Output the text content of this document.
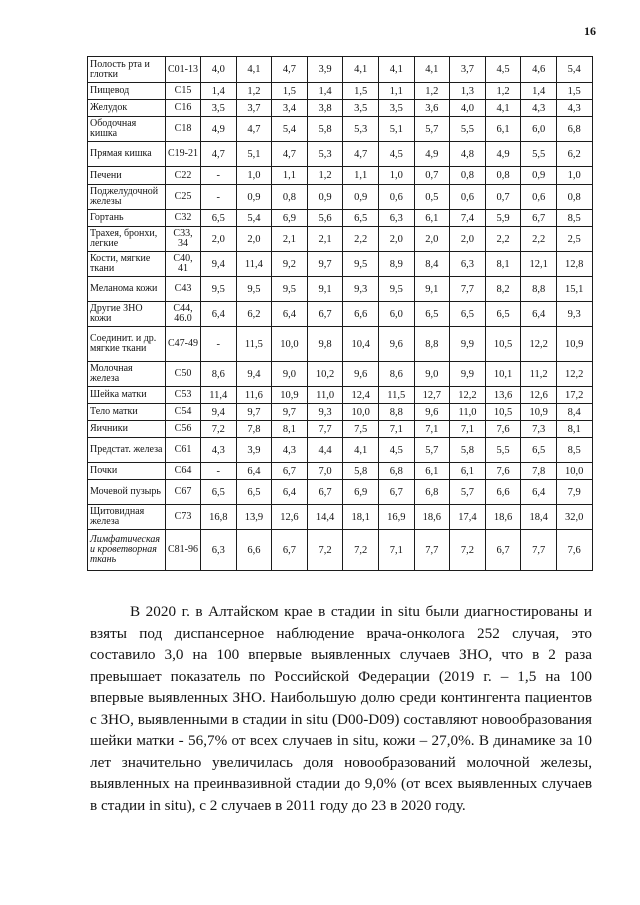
16
Полость рта и глотки	С01-13	4,0	4,1	4,7	3,9	4,1	4,1	4,1	3,7	4,5	4,6	5,4
Пищевод	С15	1,4	1,2	1,5	1,4	1,5	1,1	1,2	1,3	1,2	1,4	1,5
Желудок	С16	3,5	3,7	3,4	3,8	3,5	3,5	3,6	4,0	4,1	4,3	4,3
Ободочная кишка	С18	4,9	4,7	5,4	5,8	5,3	5,1	5,7	5,5	6,1	6,0	6,8
Прямая кишка	С19-21	4,7	5,1	4,7	5,3	4,7	4,5	4,9	4,8	4,9	5,5	6,2
Печени	С22	-	1,0	1,1	1,2	1,1	1,0	0,7	0,8	0,8	0,9	1,0
Поджелудочной железы	С25	-	0,9	0,8	0,9	0,9	0,6	0,5	0,6	0,7	0,6	0,8
Гортань	С32	6,5	5,4	6,9	5,6	6,5	6,3	6,1	7,4	5,9	6,7	8,5
Трахея, бронхи, легкие	С33, 34	2,0	2,0	2,1	2,1	2,2	2,0	2,0	2,0	2,2	2,2	2,5
Кости, мягкие ткани	С40, 41	9,4	11,4	9,2	9,7	9,5	8,9	8,4	6,3	8,1	12,1	12,8
Меланома кожи	С43	9,5	9,5	9,5	9,1	9,3	9,5	9,1	7,7	8,2	8,8	15,1
Другие ЗНО кожи	С44, 46.0	6,4	6,2	6,4	6,7	6,6	6,0	6,5	6,5	6,5	6,4	9,3
Соединит. и др. мягкие ткани	С47-49	-	11,5	10,0	9,8	10,4	9,6	8,8	9,9	10,5	12,2	10,9
Молочная железа	С50	8,6	9,4	9,0	10,2	9,6	8,6	9,0	9,9	10,1	11,2	12,2
Шейка матки	С53	11,4	11,6	10,9	11,0	12,4	11,5	12,7	12,2	13,6	12,6	17,2
Тело матки	С54	9,4	9,7	9,7	9,3	10,0	8,8	9,6	11,0	10,5	10,9	8,4
Яичники	С56	7,2	7,8	8,1	7,7	7,5	7,1	7,1	7,1	7,6	7,3	8,1
Предстат. железа	С61	4,3	3,9	4,3	4,4	4,1	4,5	5,7	5,8	5,5	6,5	8,5
Почки	С64	-	6,4	6,7	7,0	5,8	6,8	6,1	6,1	7,6	7,8	10,0
Мочевой пузырь	С67	6,5	6,5	6,4	6,7	6,9	6,7	6,8	5,7	6,6	6,4	7,9
Щитовидная железа	С73	16,8	13,9	12,6	14,4	18,1	16,9	18,6	17,4	18,6	18,4	32,0
Лимфатическая и кроветворная ткань	С81-96	6,3	6,6	6,7	7,2	7,2	7,1	7,7	7,2	6,7	7,7	7,6

В 2020 г. в Алтайском крае в стадии in situ были диагностированы и взяты под диспансерное наблюдение врача-онколога 252 случая, это составило 3,0 на 100 впервые выявленных случаев ЗНО, что в 2 раза превышает показатель по Российской Федерации (2019 г. – 1,5 на 100 впервые выявленных ЗНО. Наибольшую долю среди контингента пациентов с ЗНО, выявленными в стадии in situ (D00-D09) составляют новообразования шейки матки - 56,7% от всех случаев in situ, кожи – 27,0%. В динамике за 10 лет значительно увеличилась доля новообразований молочной железы, выявленных на преинвазивной стадии до 9,0% (от всех выявленных случаев в стадии in situ), с 2 случаев в 2011 году до 23 в 2020 году.
